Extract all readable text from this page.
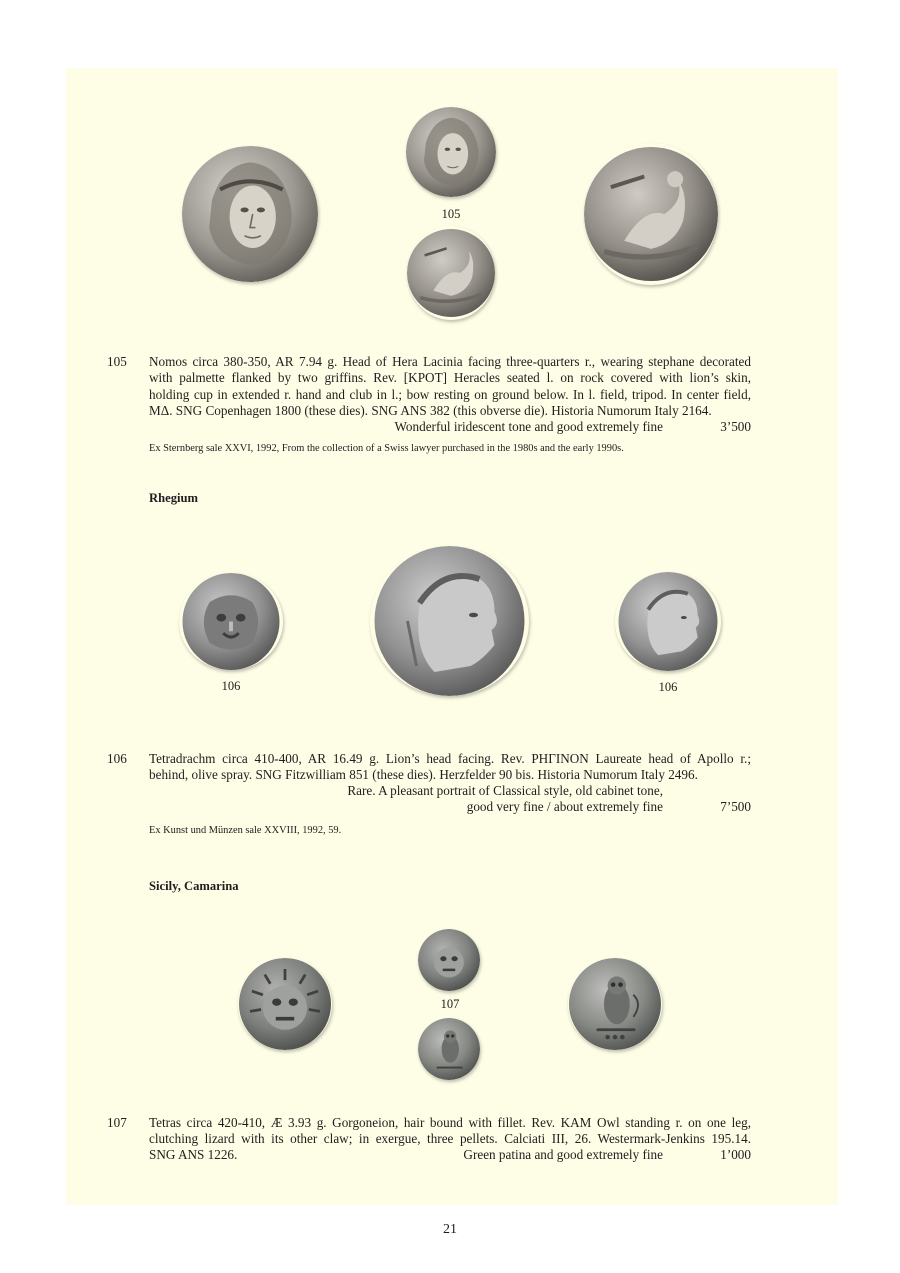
105
105	Nomos circa 380-350, AR 7.94 g. Head of Hera Lacinia facing three-quarters r., wearing stephane decorated
with palmette flanked by two griffins. Rev. [ΚΡΟΤ] Heracles seated l. on rock covered with lion’s skin,
holding cup in extended r. hand and club in l.; bow resting on ground below. In l. field, tripod. In center field,
ΜΔ. SNG Copenhagen 1800 (these dies). SNG ANS 382 (this obverse die). Historia Numorum Italy 2164.
Wonderful iridescent tone and good extremely fine	3’500
Ex Sternberg sale XXVI, 1992, From the collection of a Swiss lawyer purchased in the 1980s and the early 1990s.
Rhegium
106	106
106	Tetradrachm circa 410-400, AR 16.49 g. Lion’s head facing. Rev. ΡΗΓΙΝΟΝ Laureate head of Apollo r.;
behind, olive spray. SNG Fitzwilliam 851 (these dies). Herzfelder 90 bis. Historia Numorum Italy 2496.
Rare. A pleasant portrait of Classical style, old cabinet tone,
good very fine / about extremely fine	7’500
Ex Kunst und Münzen sale XXVIII, 1992, 59.
Sicily, Camarina
107
107	Tetras circa 420-410, Æ 3.93 g. Gorgoneion, hair bound with fillet. Rev. ΚΑΜ Owl standing r. on one leg,
clutching lizard with its other claw; in exergue, three pellets. Calciati III, 26. Westermark-Jenkins 195.14.
SNG ANS 1226.	Green patina and good extremely fine	1’000
21
